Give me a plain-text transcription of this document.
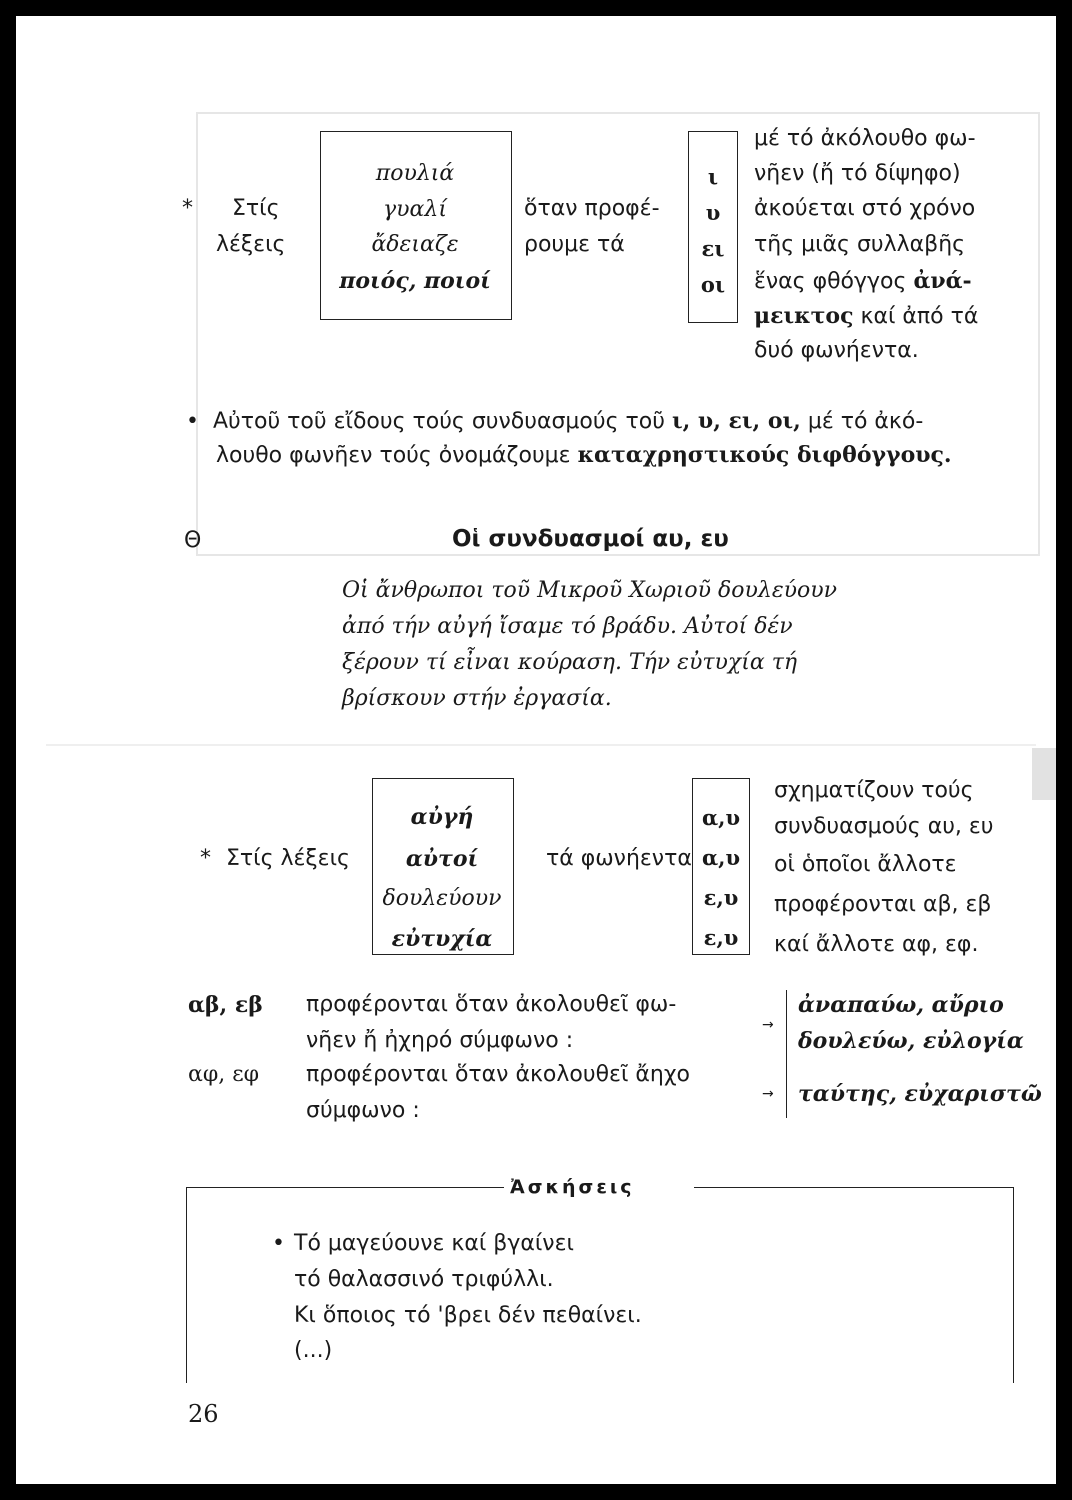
* Στίς
λέξεις
πουλιά
γυαλί
ἄδειαζε
ποιός, ποιοί
ὅταν προφέ-
ρουμε τά
ι
υ
ει
οι
μέ τό ἀκόλουθο φω-
νῆεν (ἤ τό δίψηφο)
ἀκούεται στό χρόνο
τῆς μιᾶς συλλαβῆς
ἕνας φθόγγος ἀνά-
μεικτος καί ἀπό τά
δυό φωνήεντα.
•  Αὐτοῦ τοῦ εἴδους τούς συνδυασμούς τοῦ ι, υ, ει, οι, μέ τό ἀκό-
λουθο φωνῆεν τούς ὀνομάζουμε καταχρηστικούς διφθόγγους.
Θ	Οἱ συνδυασμοί αυ, ευ
Οἱ ἄνθρωποι τοῦ Μικροῦ Χωριοῦ δουλεύουν
ἀπό τήν αὐγή ἴσαμε τό βράδυ. Αὐτοί δέν
ξέρουν τί εἶναι κούραση. Τήν εὐτυχία τή
βρίσκουν στήν ἐργασία.
αὐγή
αὐτοί
δουλεύουν
εὐτυχία
* Στίς λέξεις	τά φωνήεντα
α,υ
α,υ
ε,υ
ε,υ
σχηματίζουν τούς
συνδυασμούς αυ, ευ
οἱ ὁποῖοι ἄλλοτε
προφέρονται αβ, εβ
καί ἄλλοτε αφ, εφ.
αβ, εβ προφέρονται ὅταν ἀκολουθεῖ φω-
νῆεν ἤ ἠχηρό σύμφωνο :
αφ, εφ προφέρονται ὅταν ἀκολουθεῖ ἄηχο
σύμφωνο :
→
→
ἀναπαύω, αὔριο
δουλεύω, εὐλογία
ταύτης, εὐχαριστῶ
Ἀσκήσεις
• Τό μαγεύουνε καί βγαίνει
τό θαλασσινό τριφύλλι.
Κι ὅποιος τό 'βρει δέν πεθαίνει.
(...)
26
